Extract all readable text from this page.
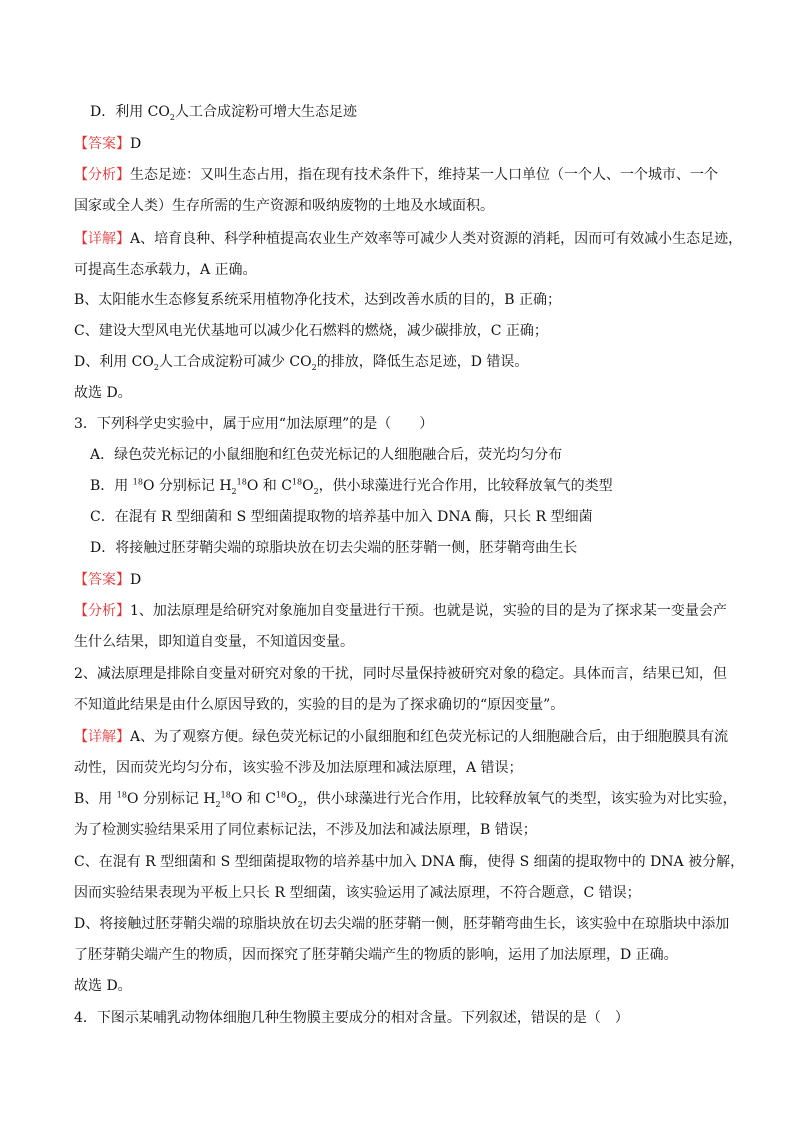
D．利用 $CO_2$人工合成淀粉可增大生态足迹
【答案】D
【分析】生态足迹：又叫生态占用，指在现有技术条件下，维持某一人口单位（一个人、一个城市、一个
国家或全人类）生存所需的生产资源和吸纳废物的土地及水域面积。
【详解】A、培育良种、科学种植提高农业生产效率等可减少人类对资源的消耗，因而可有效减小生态足迹，
可提高生态承载力，A 正确。
B、太阳能水生态修复系统采用植物净化技术，达到改善水质的目的，B 正确；
C、建设大型风电光伏基地可以减少化石燃料的燃烧，减少碳排放，C 正确；
D、利用 $CO_2$人工合成淀粉可减少 $CO_2$的排放，降低生态足迹，D 错误。
故选 D。
3．下列科学史实验中，属于应用“加法原理”的是（　　）
A．绿色荧光标记的小鼠细胞和红色荧光标记的人细胞融合后，荧光均匀分布
B．用 $^{18}$O 分别标记 $H_2^{18}O$ 和 $C^{18}O_2$，供小球藻进行光合作用，比较释放氧气的类型
C．在混有 R 型细菌和 S 型细菌提取物的培养基中加入 DNA 酶，只长 R 型细菌
D．将接触过胚芽鞘尖端的琼脂块放在切去尖端的胚芽鞘一侧，胚芽鞘弯曲生长
【答案】D
【分析】1、加法原理是给研究对象施加自变量进行干预。也就是说，实验的目的是为了探求某一变量会产
生什么结果，即知道自变量，不知道因变量。
2、减法原理是排除自变量对研究对象的干扰，同时尽量保持被研究对象的稳定。具体而言，结果已知，但
不知道此结果是由什么原因导致的，实验的目的是为了探求确切的“原因变量”。
【详解】A、为了观察方便。绿色荧光标记的小鼠细胞和红色荧光标记的人细胞融合后，由于细胞膜具有流
动性，因而荧光均匀分布，该实验不涉及加法原理和减法原理，A 错误；
B、用 $^{18}$O 分别标记 $H_2^{18}O$ 和 $C^{18}O_2$，供小球藻进行光合作用，比较释放氧气的类型，该实验为对比实验，
为了检测实验结果采用了同位素标记法，不涉及加法和减法原理，B 错误；
C、在混有 R 型细菌和 S 型细菌提取物的培养基中加入 DNA 酶，使得 S 细菌的提取物中的 DNA 被分解，
因而实验结果表现为平板上只长 R 型细菌，该实验运用了减法原理，不符合题意，C 错误；
D、将接触过胚芽鞘尖端的琼脂块放在切去尖端的胚芽鞘一侧，胚芽鞘弯曲生长，该实验中在琼脂块中添加
了胚芽鞘尖端产生的物质，因而探究了胚芽鞘尖端产生的物质的影响，运用了加法原理，D 正确。
故选 D。
4．下图示某哺乳动物体细胞几种生物膜主要成分的相对含量。下列叙述，错误的是（　）
